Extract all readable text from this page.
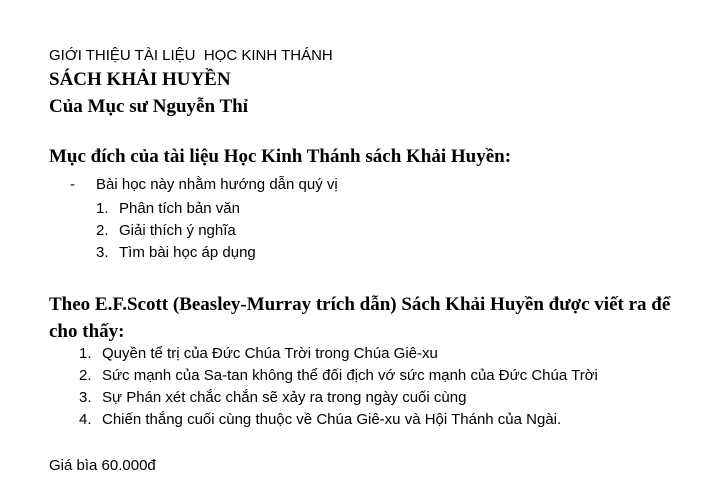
GIỚI THIỆU TÀI LIỆU  HỌC KINH THÁNH
SÁCH KHẢI HUYỀN
Của Mục sư Nguyễn Thỉ
Mục đích của tài liệu Học Kinh Thánh sách Khải Huyền:
- Bài học này nhằm hướng dẫn quý vị
1. Phân tích bản văn
2. Giải thích ý nghĩa
3. Tìm bài học áp dụng
Theo E.F.Scott (Beasley-Murray trích dẫn) Sách Khải Huyền được viết ra để cho thấy:
1. Quyền tể trị của Đức Chúa Trời trong Chúa Giê-xu
2. Sức mạnh của Sa-tan không thể đối địch vớ sức mạnh của Đức Chúa Trời
3. Sự Phán xét chắc chắn sẽ xảy ra trong ngày cuối cùng
4. Chiến thắng cuối cùng thuộc về Chúa Giê-xu và Hội Thánh của Ngài.
Giá bìa 60.000đ
